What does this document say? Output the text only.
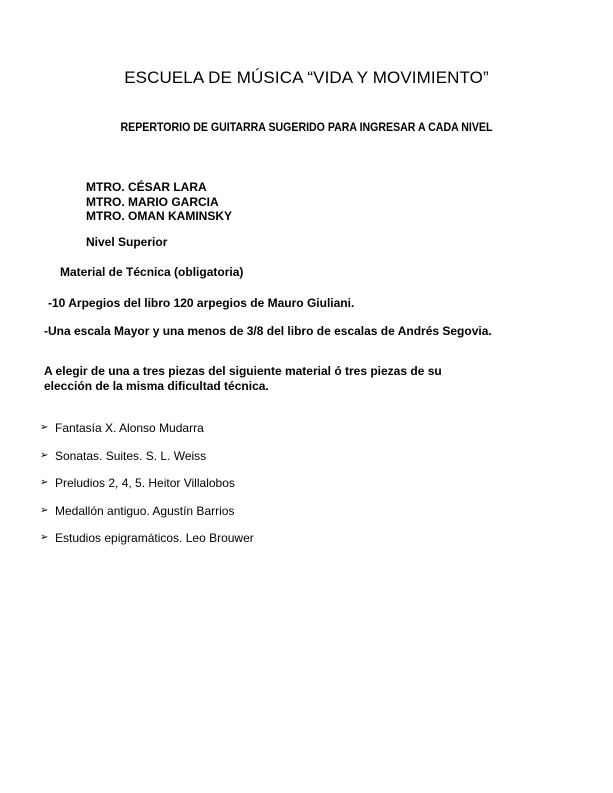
ESCUELA DE MÚSICA “VIDA Y MOVIMIENTO”
REPERTORIO DE GUITARRA SUGERIDO PARA INGRESAR A CADA NIVEL
MTRO. CÉSAR LARA
MTRO. MARIO GARCIA
MTRO. OMAN KAMINSKY
Nivel Superior
Material de Técnica (obligatoria)
-10 Arpegios del libro 120 arpegios de Mauro Giuliani.
-Una escala Mayor y una menos de 3/8 del libro de escalas de Andrés Segovia.
A elegir de una a tres piezas del siguiente material ó tres piezas de su
elección de la misma dificultad técnica.
➢ Fantasía X. Alonso Mudarra
➢ Sonatas. Suites. S. L. Weiss
➢ Preludios 2, 4, 5. Heitor Villalobos
➢ Medallón antiguo. Agustín Barrios
➢ Estudios epigramáticos. Leo Brouwer
